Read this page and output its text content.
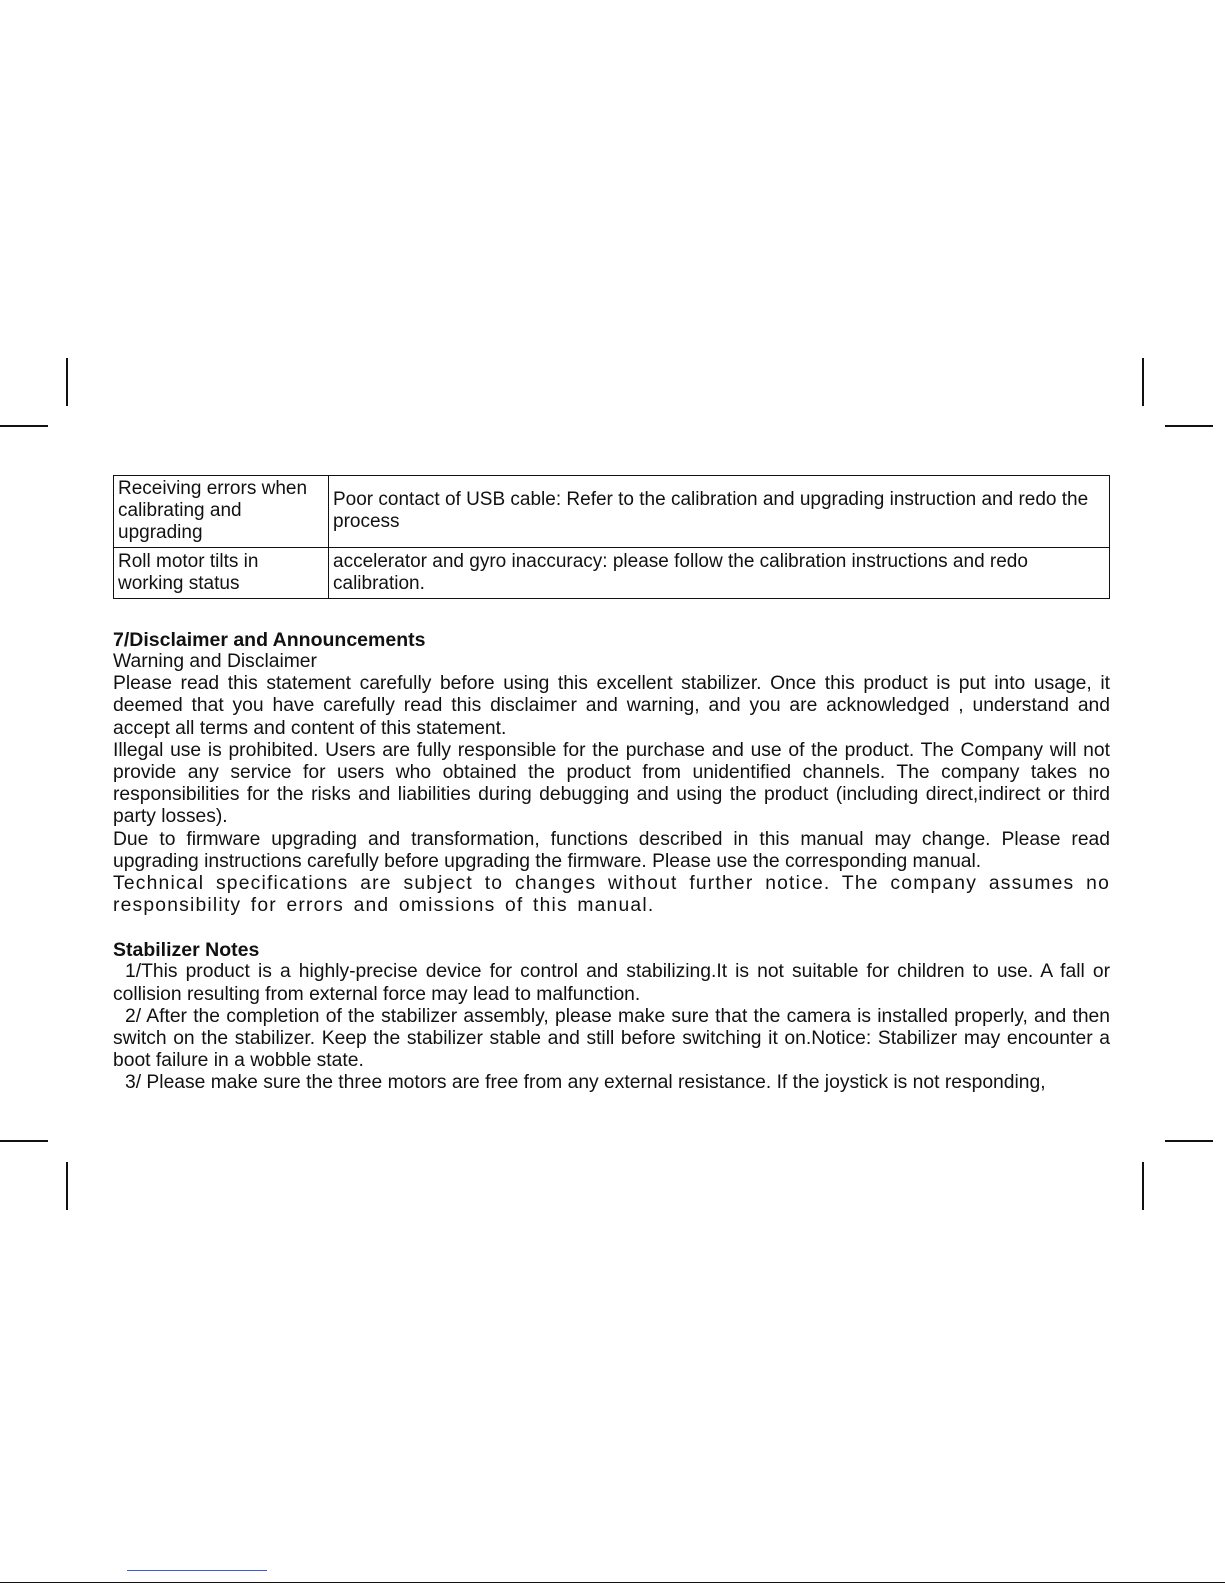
Receiving errors when calibrating and upgrading	Poor contact of USB cable: Refer to the calibration and upgrading instruction and redo the process
Roll motor tilts in working status	accelerator and gyro inaccuracy: please follow the calibration instructions and redo calibration.
7/Disclaimer and Announcements

Warning and Disclaimer

Please read this statement carefully before using this excellent stabilizer. Once this product is put into usage, it deemed that you have carefully read this disclaimer and warning, and you are acknowledged , understand and accept all terms and content of this statement.

Illegal use is prohibited. Users are fully responsible for the purchase and use of the product. The Company will not provide any service for users who obtained the product from unidentified channels. The company takes no responsibilities for the risks and liabilities during debugging and using the product (including direct,indirect or third party losses).

Due to firmware upgrading and transformation, functions described in this manual may change. Please read upgrading instructions carefully before upgrading the firmware. Please use the corresponding manual.

Technical specifications are subject to changes without further notice. The company assumes no responsibility for errors and omissions of this manual.

Stabilizer Notes

1/This product is a highly-precise device for control and stabilizing.It is not suitable for children to use. A fall or collision resulting from external force may lead to malfunction.

2/ After the completion of the stabilizer assembly, please make sure that the camera is installed properly, and then switch on the stabilizer. Keep the stabilizer stable and still before switching it on.Notice: Stabilizer may encounter a boot failure in a wobble state.

3/ Please make sure the three motors are free from any external resistance. If the joystick is not responding,
